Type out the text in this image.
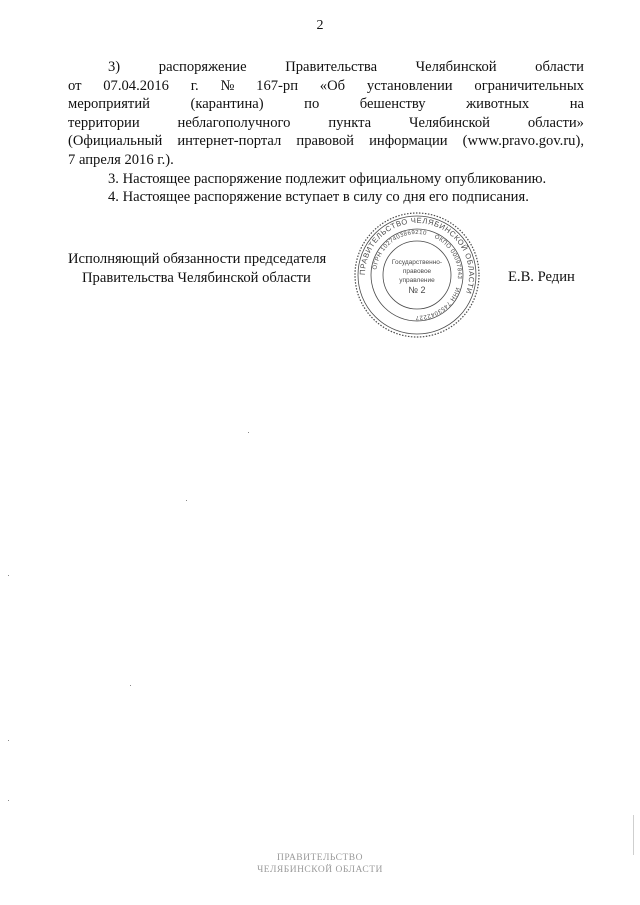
2
3)	распоряжение	Правительства	Челябинской	области
от 07.04.2016 г. № 167-рп «Об установлении ограничительных
мероприятий	(карантина)	по	бешенству	животных	на
территории	неблагополучного	пункта	Челябинской	области»
(Официальный интернет-портал правовой информации (www.pravo.gov.ru),
7 апреля 2016 г.).
3. Настоящее распоряжение подлежит официальному опубликованию.
4. Настоящее распоряжение вступает в силу со дня его подписания.
Исполняющий обязанности председателя
Правительства Челябинской области	ПРАВИТЕЛЬСТВО ЧЕЛЯБИНСКОЙ ОБЛАСТИ
ОГРН 1027403869210 ОКПО 00097843 ИНН 7453042227
Государственно-
правовое
управление
№ 2
Е.В. Редин
ПРАВИТЕЛЬСТВО
ЧЕЛЯБИНСКОЙ ОБЛАСТИ
